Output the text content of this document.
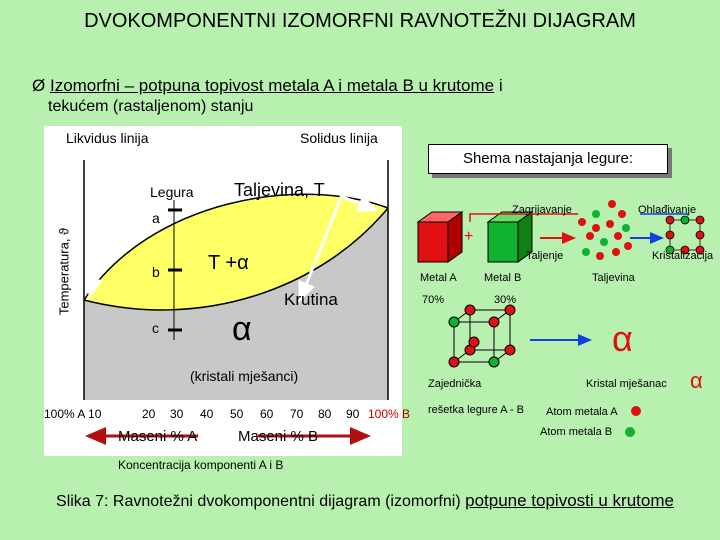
DVOKOMPONENTNI IZOMORFNI RAVNOTEŽNI DIJAGRAM
Ø Izomorfni – potpuna topivost metala A i metala B u krutome i
tekućem (rastaljenom) stanju
Likvidus linija	Solidus linija
Temperatura, ϑ
Legura Taljevina, T
a
b
c
T +α
Krutina
α
(kristali mješanci)
100% A 10	20 30 40 50 60 70 80 90 100% B
Maseni % A	Maseni % B
Koncentracija komponenti A i B
Shema nastajanja legure:
Zagrijavanje	Ohlađivanje
+
Taljenje	Kristalizacija
Metal A Metal B	Taljevina
70%	30%
α
Zajednička
rešetka legure A - B
Kristal mješanac α
Atom metala A
Atom metala B
Slika 7: Ravnotežni dvokomponentni dijagram (izomorfni) potpune topivosti u krutome
